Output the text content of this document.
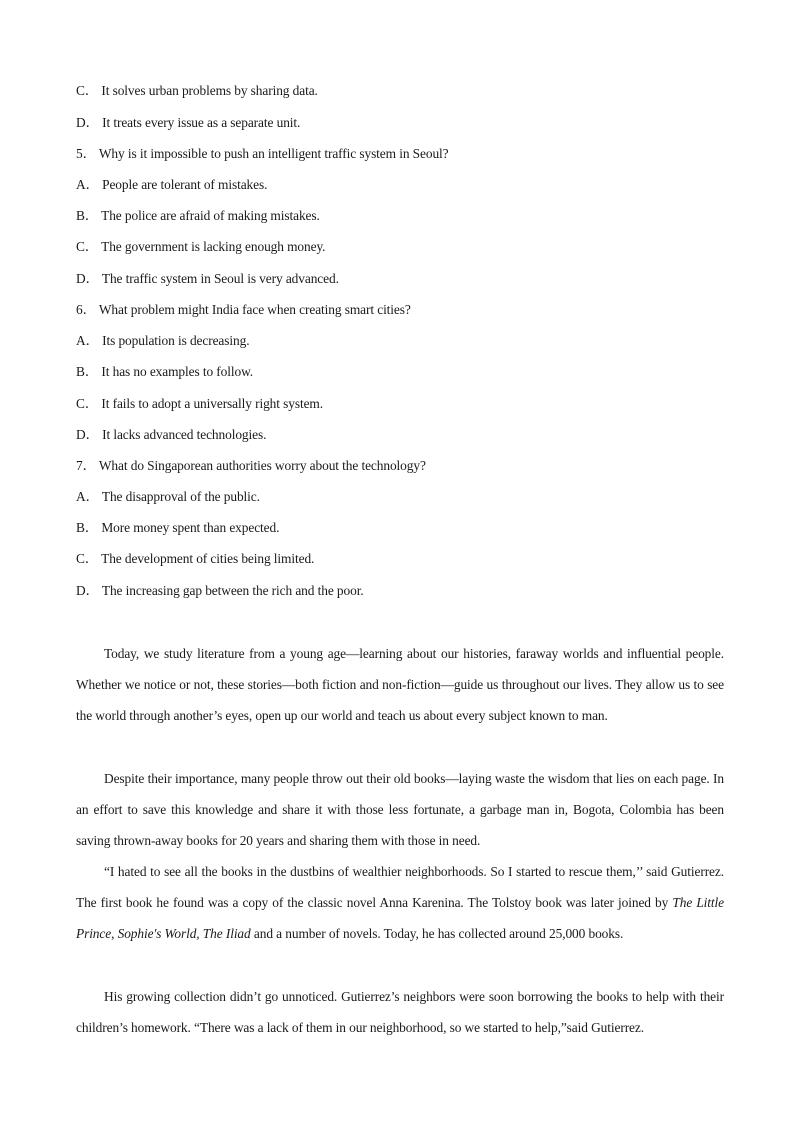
C． It solves urban problems by sharing data.
D． It treats every issue as a separate unit.
5． Why is it impossible to push an intelligent traffic system in Seoul?
A． People are tolerant of mistakes.
B． The police are afraid of making mistakes.
C． The government is lacking enough money.
D． The traffic system in Seoul is very advanced.
6． What problem might India face when creating smart cities?
A． Its population is decreasing.
B． It has no examples to follow.
C． It fails to adopt a universally right system.
D． It lacks advanced technologies.
7． What do Singaporean authorities worry about the technology?
A． The disapproval of the public.
B． More money spent than expected.
C． The development of cities being limited.
D． The increasing gap between the rich and the poor.
Today, we study literature from a young age—learning about our histories, faraway worlds and influential people. Whether we notice or not, these stories—both fiction and non-fiction—guide us throughout our lives. They allow us to see the world through another’s eyes, open up our world and teach us about every subject known to man.
Despite their importance, many people throw out their old books—laying waste the wisdom that lies on each page. In an effort to save this knowledge and share it with those less fortunate, a garbage man in, Bogota, Colombia has been saving thrown-away books for 20 years and sharing them with those in need.
“I hated to see all the books in the dustbins of wealthier neighborhoods. So I started to rescue them,’’ said Gutierrez. The first book he found was a copy of the classic novel Anna Karenina. The Tolstoy book was later joined by The Little Prince, Sophie's World, The Iliad and a number of novels. Today, he has collected around 25,000 books.
His growing collection didn’t go unnoticed. Gutierrez’s neighbors were soon borrowing the books to help with their children’s homework. “There was a lack of them in our neighborhood, so we started to help,”said Gutierrez.
